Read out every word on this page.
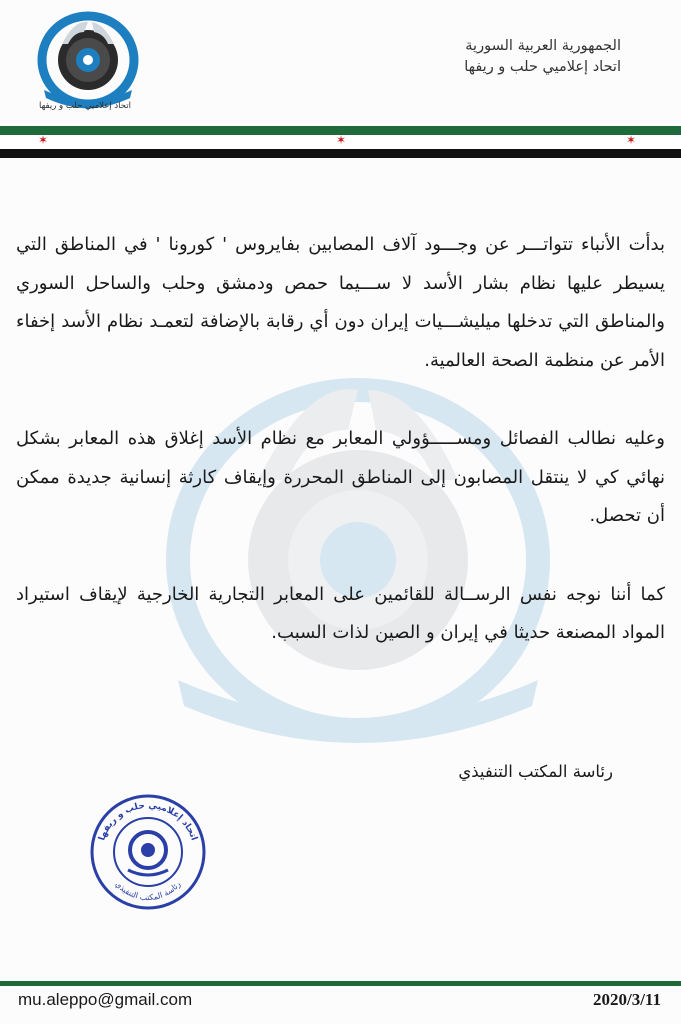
اتحاد إعلاميي حلب و ريفها
الجمهورية العربية السورية
اتحاد إعلاميي حلب و ريفها
✶	✶	✶

بدأت الأنباء تتواتـــر عن وجـــود آلاف المصابين بفايروس ' كورونا ' في المناطق التي يسيطر عليها نظام بشار الأسد لا ســـيما حمص ودمشق وحلب والساحل السوري والمناطق التي تدخلها ميليشـــيات إيران دون أي رقابة بالإضافة لتعمـد نظام الأسد إخفاء الأمر عن منظمة الصحة العالمية.

وعليه نطالب الفصائل ومســـــؤولي المعابر مع نظام الأسد إغلاق هذه المعابر بشكل نهائي كي لا ينتقل المصابون إلى المناطق المحررة وإيقاف كارثة إنسانية جديدة ممكن أن تحصل.

كما أننا نوجه نفس الرســالة للقائمين على المعابر التجارية الخارجية لإيقاف استيراد المواد المصنعة حديثا في إيران و الصين لذات السبب.

رئاسة المكتب التنفيذي
اتحاد إعلاميي حلب و ريفها
رئاسة المكتب التنفيذي
mu.aleppo@gmail.com	2020/3/11
